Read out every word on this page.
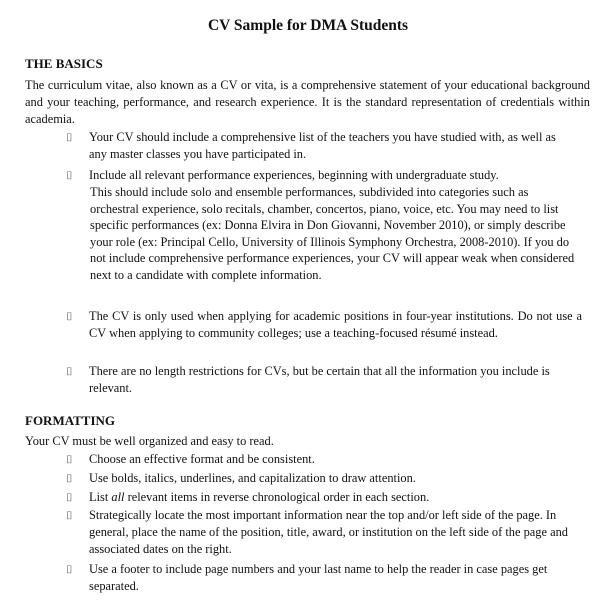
CV Sample for DMA Students
THE BASICS
The curriculum vitae, also known as a CV or vita, is a comprehensive statement of your educational background and your teaching, performance, and research experience. It is the standard representation of credentials within academia.
⌷ Your CV should include a comprehensive list of the teachers you have studied with, as well as any master classes you have participated in.
⌷ Include all relevant performance experiences, beginning with undergraduate study.
This should include solo and ensemble performances, subdivided into categories such as orchestral experience, solo recitals, chamber, concertos, piano, voice, etc. You may need to list specific performances (ex: Donna Elvira in Don Giovanni, November 2010), or simply describe your role (ex: Principal Cello, University of Illinois Symphony Orchestra, 2008-2010). If you do not include comprehensive performance experiences, your CV will appear weak when considered next to a candidate with complete information.
⌷ The CV is only used when applying for academic positions in four-year institutions. Do not use a CV when applying to community colleges; use a teaching-focused résumé instead.
⌷ There are no length restrictions for CVs, but be certain that all the information you include is relevant.
FORMATTING
Your CV must be well organized and easy to read.
⌷ Choose an effective format and be consistent.
⌷ Use bolds, italics, underlines, and capitalization to draw attention.
⌷ List all relevant items in reverse chronological order in each section.
⌷ Strategically locate the most important information near the top and/or left side of the page. In general, place the name of the position, title, award, or institution on the left side of the page and associated dates on the right.
⌷ Use a footer to include page numbers and your last name to help the reader in case pages get separated.
